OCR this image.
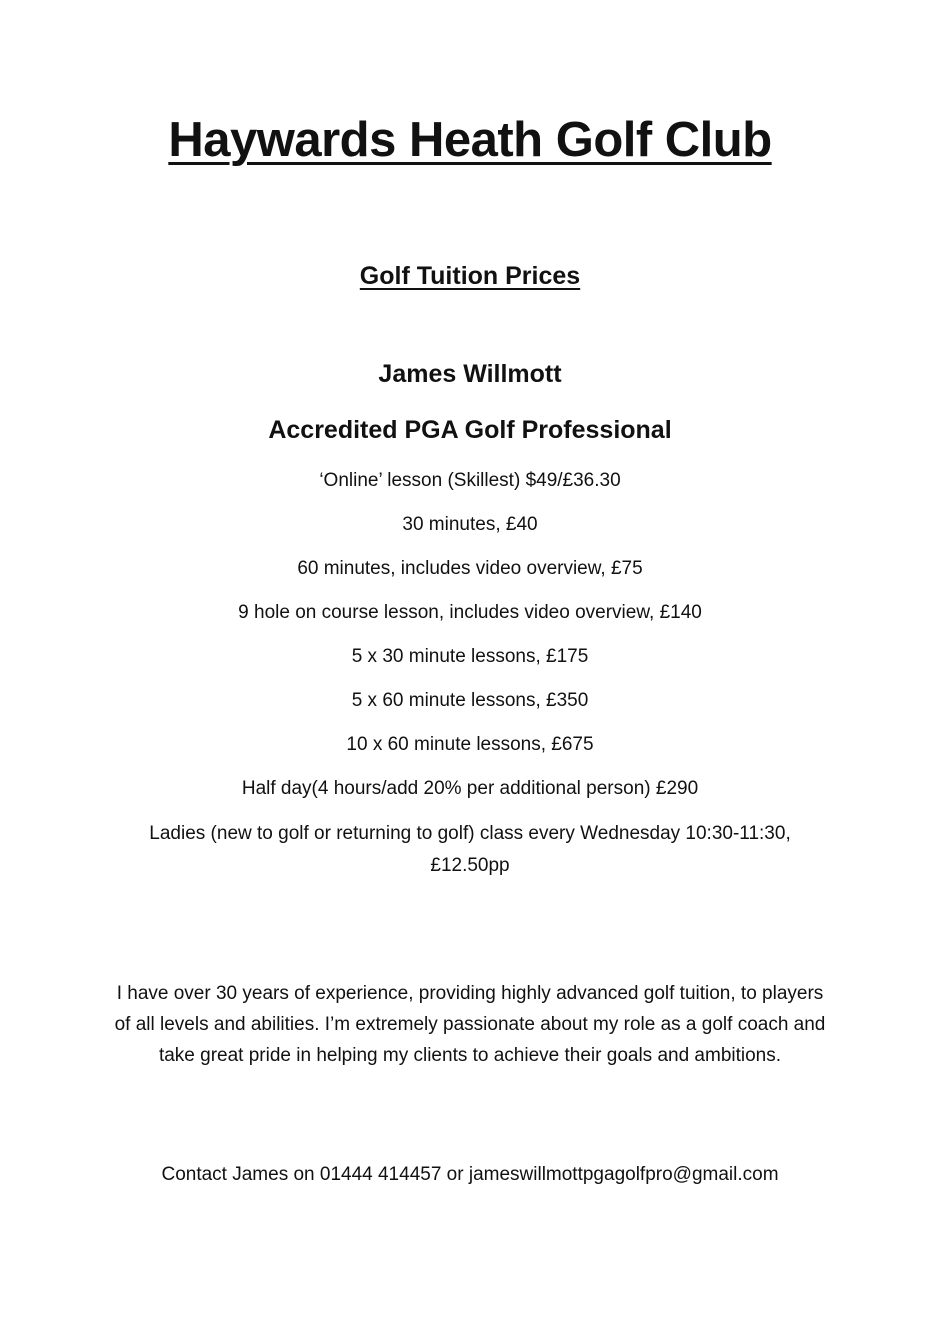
Haywards Heath Golf Club
Golf Tuition Prices
James Willmott
Accredited PGA Golf Professional
‘Online’ lesson (Skillest) $49/£36.30
30 minutes, £40
60 minutes, includes video overview, £75
9 hole on course lesson, includes video overview, £140
5 x 30 minute lessons, £175
5 x 60 minute lessons, £350
10 x 60 minute lessons, £675
Half day(4 hours/add 20% per additional person) £290
Ladies (new to golf or returning to golf) class every Wednesday 10:30-11:30, £12.50pp

I have over 30 years of experience, providing highly advanced golf tuition, to players of all levels and abilities. I’m extremely passionate about my role as a golf coach and take great pride in helping my clients to achieve their goals and ambitions.

Contact James on 01444 414457 or jameswillmottpgagolfpro@gmail.com
